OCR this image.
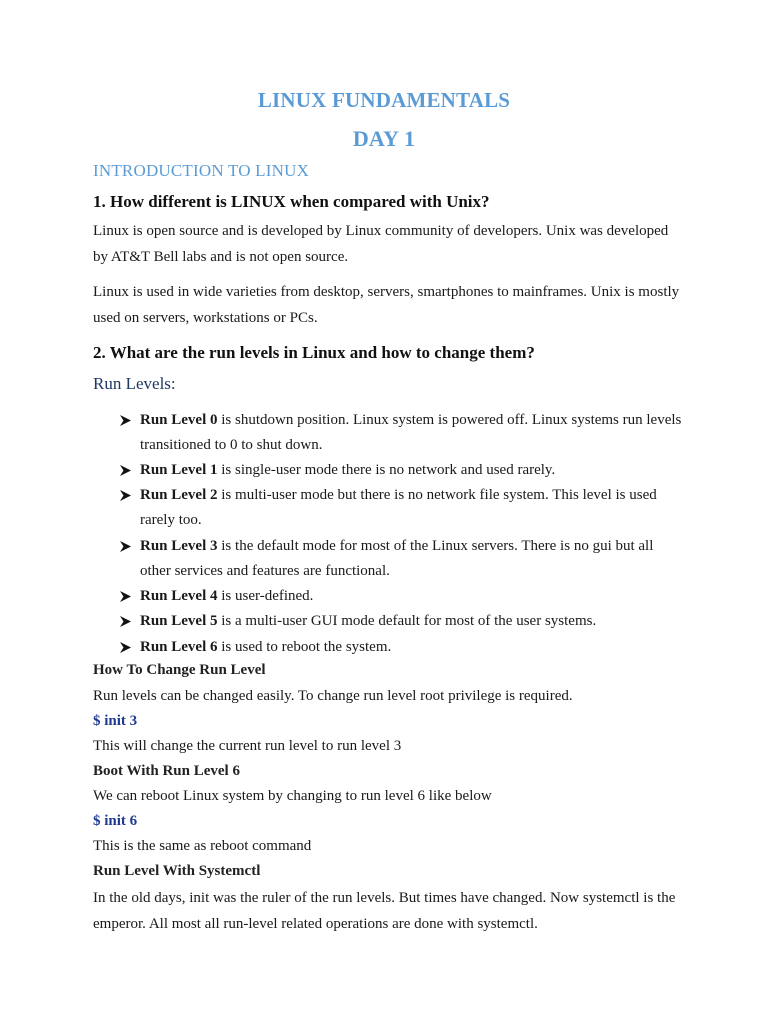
LINUX FUNDAMENTALS
DAY 1
INTRODUCTION TO LINUX
1. How different is LINUX when compared with Unix?
Linux is open source and is developed by Linux community of developers. Unix was developed by AT&T Bell labs and is not open source.
Linux is used in wide varieties from desktop, servers, smartphones to mainframes. Unix is mostly used on servers, workstations or PCs.
2. What are the run levels in Linux and how to change them?
Run Levels:
Run Level 0 is shutdown position. Linux system is powered off. Linux systems run levels transitioned to 0 to shut down.
Run Level 1 is single-user mode there is no network and used rarely.
Run Level 2 is multi-user mode but there is no network file system. This level is used rarely too.
Run Level 3 is the default mode for most of the Linux servers. There is no gui but all other services and features are functional.
Run Level 4 is user-defined.
Run Level 5 is a multi-user GUI mode default for most of the user systems.
Run Level 6 is used to reboot the system.
How To Change Run Level
Run levels can be changed easily. To change run level root privilege is required.
$ init 3
This will change the current run level to run level 3
Boot With Run Level 6
We can reboot Linux system by changing to run level 6 like below
$ init 6
This is the same as reboot command
Run Level With Systemctl
In the old days, init was the ruler of the run levels. But times have changed. Now systemctl is the emperor. All most all run-level related operations are done with systemctl.
